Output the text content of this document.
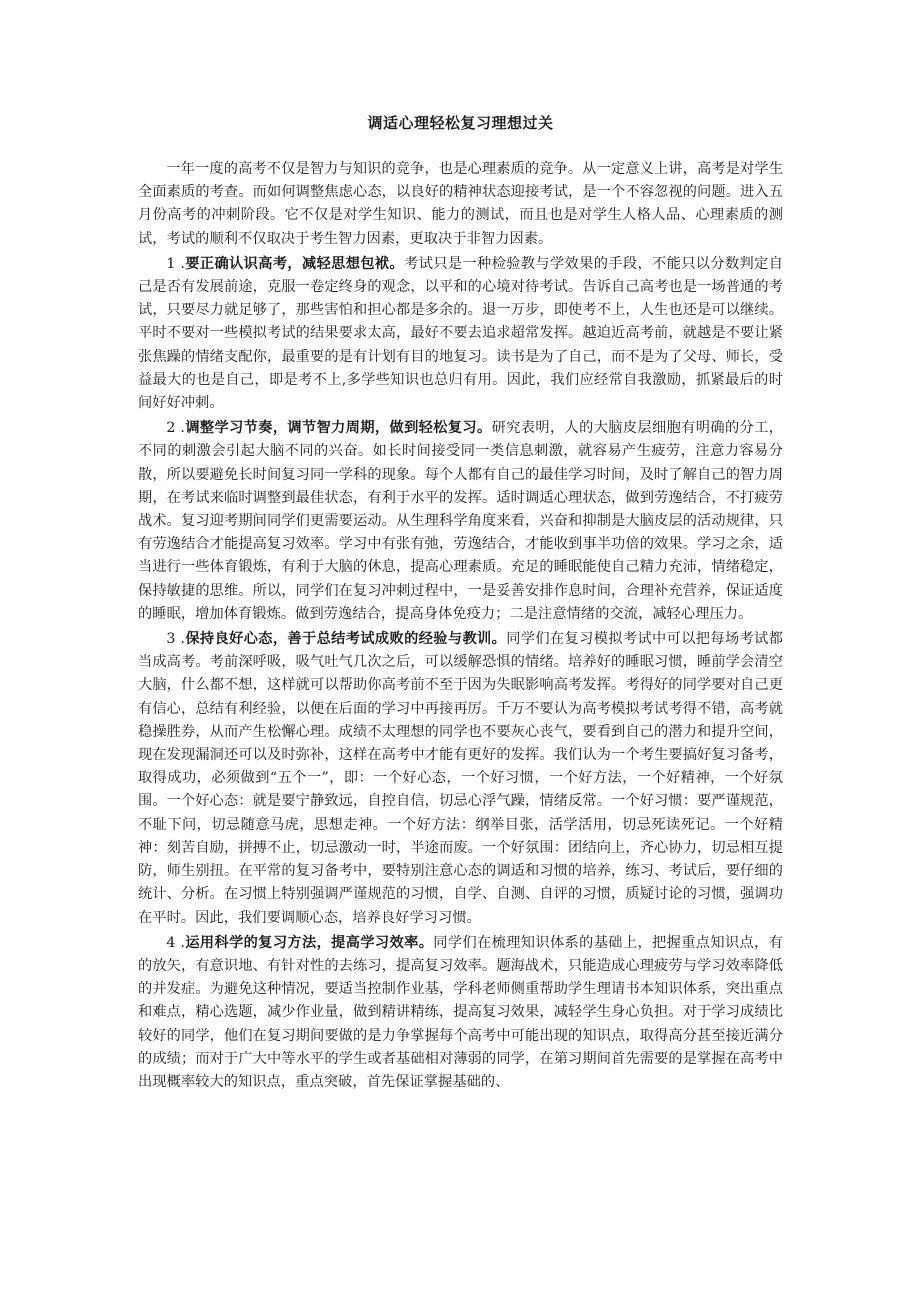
调适心理轻松复习理想过关

一年一度的高考不仅是智力与知识的竞争，也是心理素质的竞争。从一定意义上讲，高考是对学生全面素质的考查。而如何调整焦虑心态，以良好的精神状态迎接考试，是一个不容忽视的问题。进入五月份高考的冲刺阶段。它不仅是对学生知识、能力的测试，而且也是对学生人格人品、心理素质的测试，考试的顺利不仅取决于考生智力因素，更取决于非智力因素。

1 .要正确认识高考，减轻思想包袱。考试只是一种检验教与学效果的手段，不能只以分数判定自己是否有发展前途，克服一卷定终身的观念，以平和的心境对待考试。告诉自己高考也是一场普通的考试，只要尽力就足够了，那些害怕和担心都是多余的。退一万步，即使考不上，人生也还是可以继续。平时不要对一些模拟考试的结果要求太高，最好不要去追求超常发挥。越迫近高考前，就越是不要让紧张焦躁的情绪支配你，最重要的是有计划有目的地复习。读书是为了自己，而不是为了父母、师长，受益最大的也是自己，即是考不上,多学些知识也总归有用。因此，我们应经常自我激励，抓紧最后的时间好好冲刺。

2 .调整学习节奏，调节智力周期，做到轻松复习。研究表明，人的大脑皮层细胞有明确的分工，不同的刺激会引起大脑不同的兴奋。如长时间接受同一类信息刺激，就容易产生疲劳，注意力容易分散，所以要避免长时间复习同一学科的现象。每个人都有自己的最佳学习时间，及时了解自己的智力周期，在考试来临时调整到最佳状态，有利于水平的发挥。适时调适心理状态，做到劳逸结合，不打疲劳战术。复习迎考期间同学们更需要运动。从生理科学角度来看，兴奋和抑制是大脑皮层的活动规律，只有劳逸结合才能提高复习效率。学习中有张有弛，劳逸结合，才能收到事半功倍的效果。学习之余，适当进行一些体育锻炼，有利于大脑的休息，提高心理素质。充足的睡眠能使自己精力充沛，情绪稳定，保持敏捷的思维。所以，同学们在复习冲刺过程中，一是妥善安排作息时间，合理补充营养，保证适度的睡眠，增加体育锻炼。做到劳逸结合，提高身体免疫力；二是注意情绪的交流，减轻心理压力。

3 .保持良好心态，善于总结考试成败的经验与教训。同学们在复习模拟考试中可以把每场考试都当成高考。考前深呼吸，吸气吐气几次之后，可以缓解恐惧的情绪。培养好的睡眠习惯，睡前学会清空大脑，什么都不想，这样就可以帮助你高考前不至于因为失眠影响高考发挥。考得好的同学要对自己更有信心，总结有利经验，以便在后面的学习中再接再厉。千万不要认为高考模拟考试考得不错，高考就稳操胜券，从而产生松懈心理。成绩不太理想的同学也不要灰心丧气，要看到自己的潜力和提升空间，现在发现漏洞还可以及时弥补，这样在高考中才能有更好的发挥。我们认为一个考生要搞好复习备考，取得成功，必须做到“五个一”，即：一个好心态，一个好习惯，一个好方法，一个好精神，一个好氛围。一个好心态：就是要宁静致远，自控自信，切忌心浮气躁，情绪反常。一个好习惯：要严谨规范，不耻下问，切忌随意马虎，思想走神。一个好方法：纲举目张，活学活用，切忌死读死记。一个好精神：刻苦自励，拼搏不止，切忌激动一时，半途而废。一个好氛围：团结向上，齐心协力，切忌相互提防，师生别扭。在平常的复习备考中，要特别注意心态的调适和习惯的培养，练习、考试后，要仔细的统计、分析。在习惯上特别强调严谨规范的习惯，自学、自测、自评的习惯，质疑讨论的习惯，强调功在平时。因此，我们要调顺心态，培养良好学习习惯。

4 .运用科学的复习方法，提高学习效率。同学们在梳理知识体系的基础上，把握重点知识点，有的放矢，有意识地、有针对性的去练习，提高复习效率。题海战术，只能造成心理疲劳与学习效率降低的并发症。为避免这种情况，要适当控制作业基，学科老师侧重帮助学生理请书本知识体系，突出重点和难点，精心选题，减少作业量，做到精讲精练，提高复习效果，减轻学生身心负担。对于学习成绩比较好的同学，他们在复习期间要做的是力争掌握每个高考中可能出现的知识点，取得高分甚至接近满分的成绩；而对于广大中等水平的学生或者基础相对薄弱的同学，在第习期间首先需要的是掌握在高考中出现概率较大的知识点，重点突破，首先保证掌握基础的、
